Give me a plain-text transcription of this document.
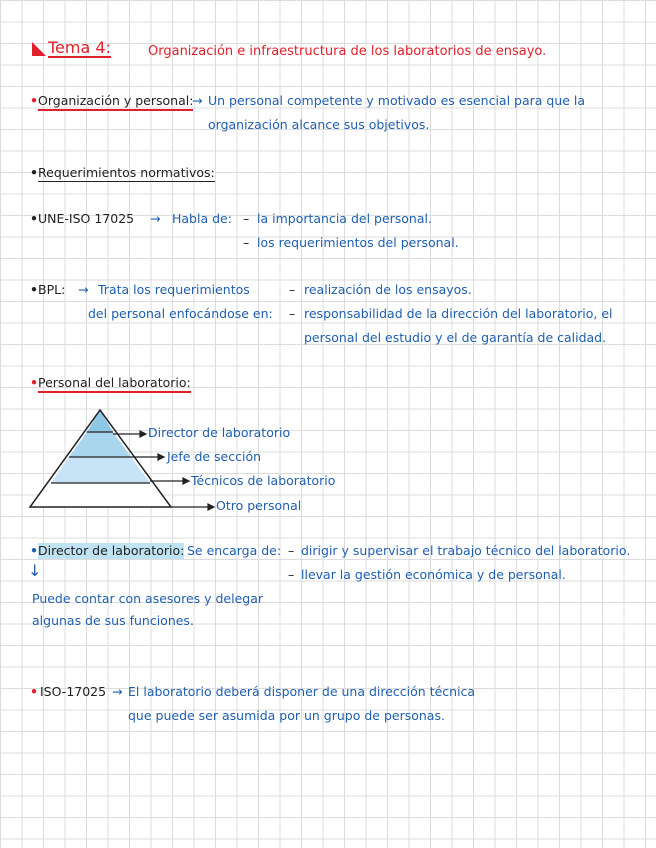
Tema 4:	Organización e infraestructura de los laboratorios de ensayo.
• Organización y personal:
→ Un personal competente y motivado es esencial para que la
organización alcance sus objetivos.
• Requerimientos normativos:
• UNE-ISO 17025 → Habla de: – la importancia del personal.
– los requerimientos del personal.
• BPL: → Trata los requerimientos
del personal enfocándose en:
– realización de los ensayos.
– responsabilidad de la dirección del laboratorio, el
personal del estudio y el de garantía de calidad.
• Personal del laboratorio:
Director de laboratorio
Jefe de sección
Técnicos de laboratorio
Otro personal
• Director de laboratorio: Se encarga de: – dirigir y supervisar el trabajo técnico del laboratorio.
– llevar la gestión económica y de personal.
↓
Puede contar con asesores y delegar
algunas de sus funciones.
• ISO-17025 → El laboratorio deberá disponer de una dirección técnica
que puede ser asumida por un grupo de personas.
